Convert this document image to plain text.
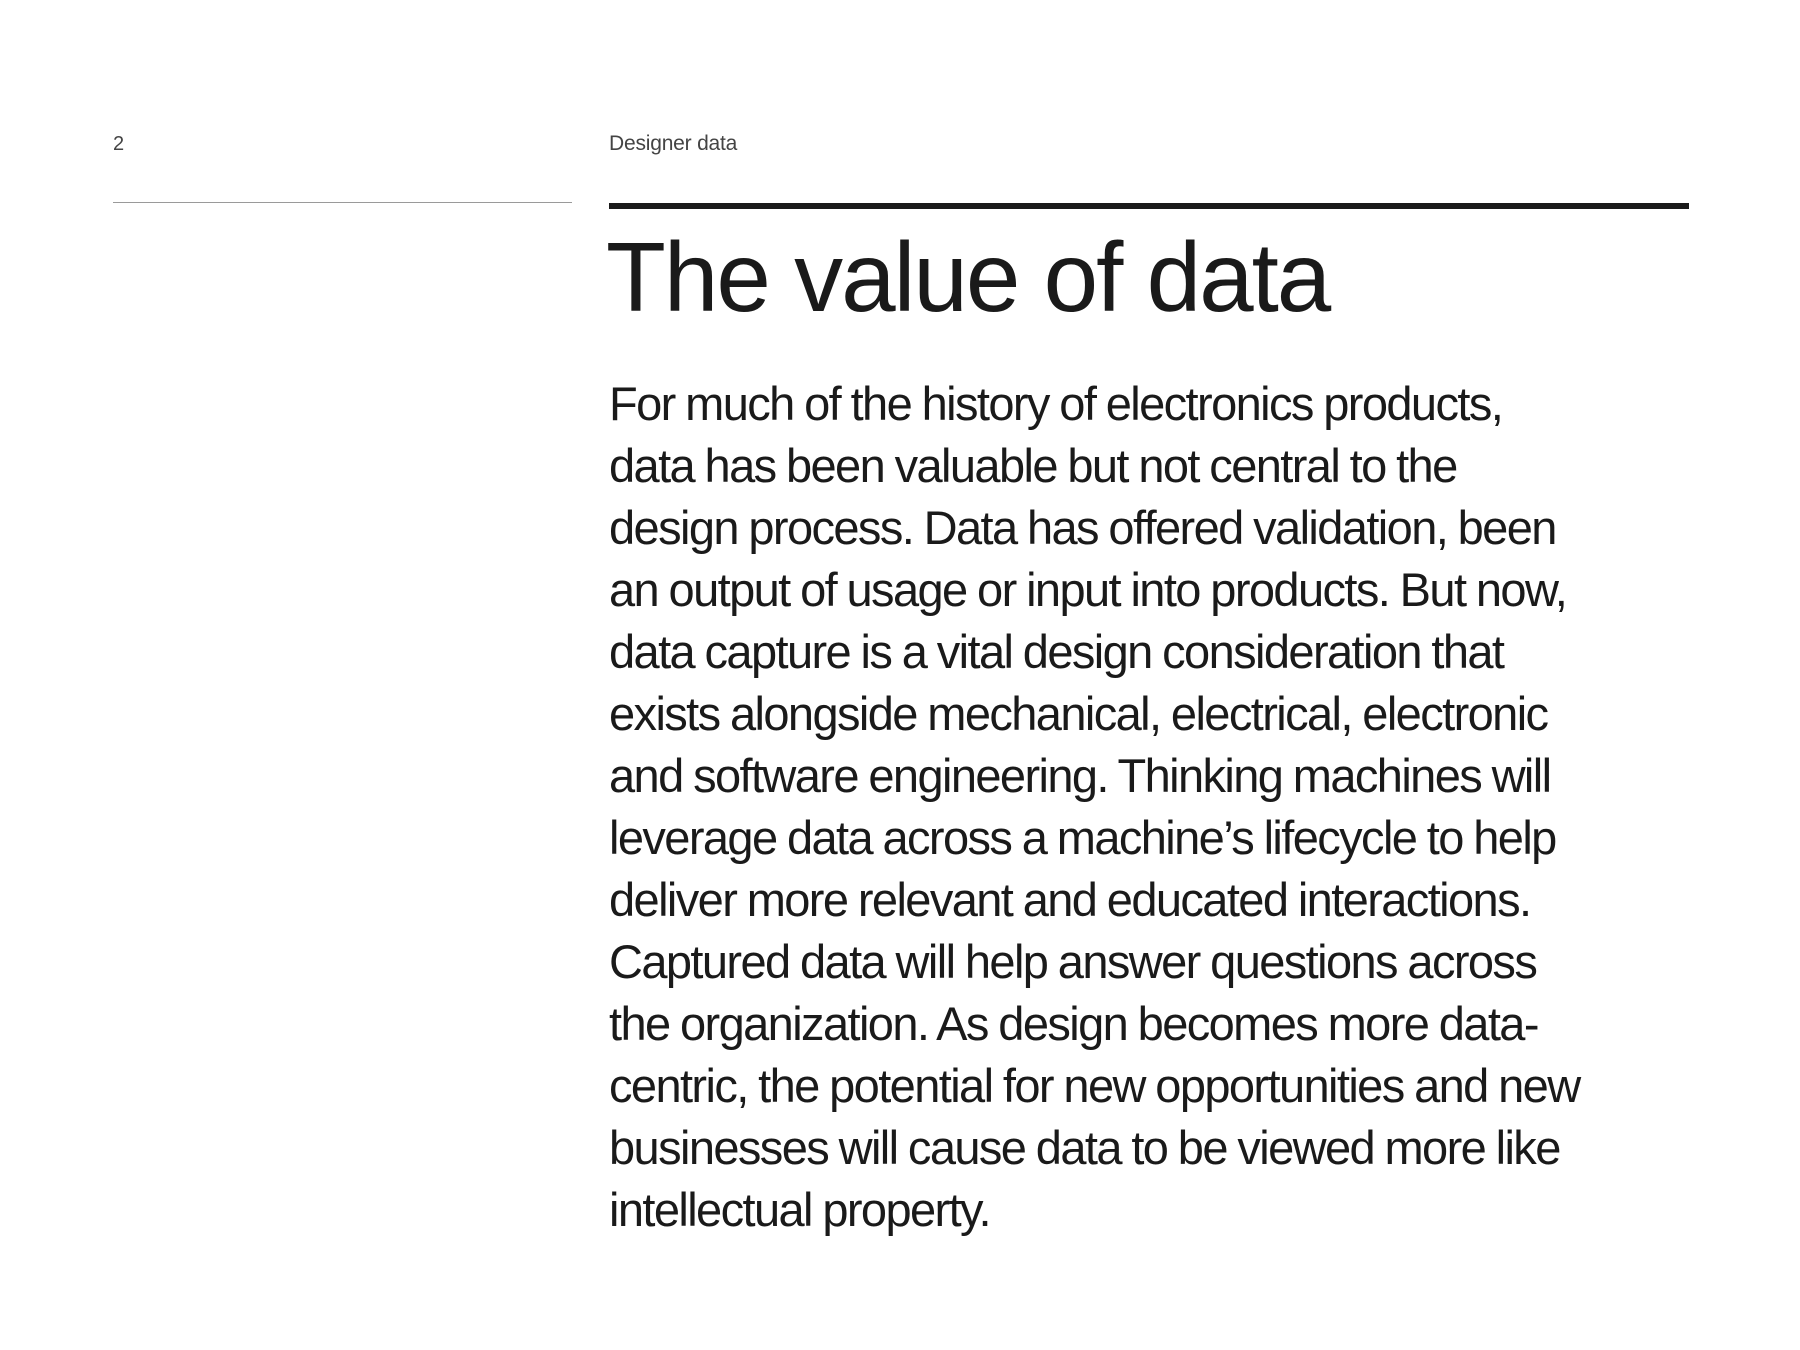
2	Designer data
The value of data

For much of the history of electronics products,
data has been valuable but not central to the
design process. Data has offered validation, been
an output of usage or input into products. But now,
data capture is a vital design consideration that
exists alongside mechanical, electrical, electronic
and software engineering. Thinking machines will
leverage data across a machine’s lifecycle to help
deliver more relevant and educated interactions.
Captured data will help answer questions across
the organization. As design becomes more data-
centric, the potential for new opportunities and new
businesses will cause data to be viewed more like
intellectual property.
